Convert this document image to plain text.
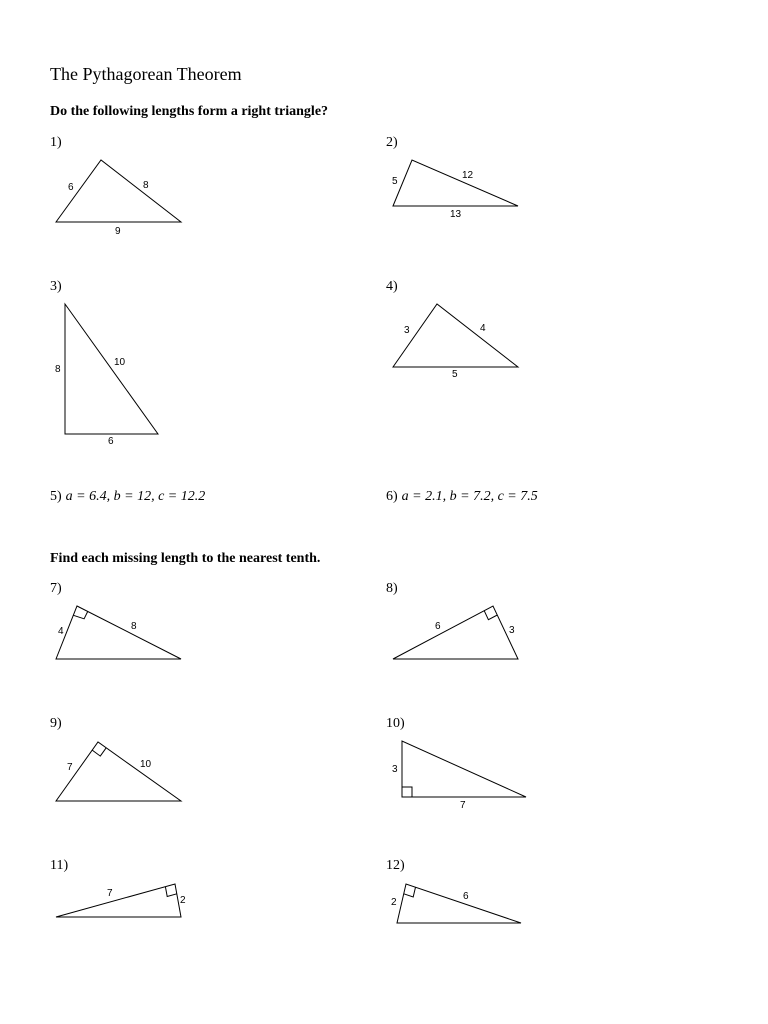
The Pythagorean Theorem
Do the following lengths form a right triangle?
1)
6	8
9
2)
5
12
13
3)
8
10
6
4)
3	4
5
5) a = 6.4, b = 12, c = 12.2	6) a = 2.1, b = 7.2, c = 7.5
Find each missing length to the nearest tenth.
7)
4	8
8)
6	3
9)
7	10
10)
3
7
11)
7
2
12)
2
6
